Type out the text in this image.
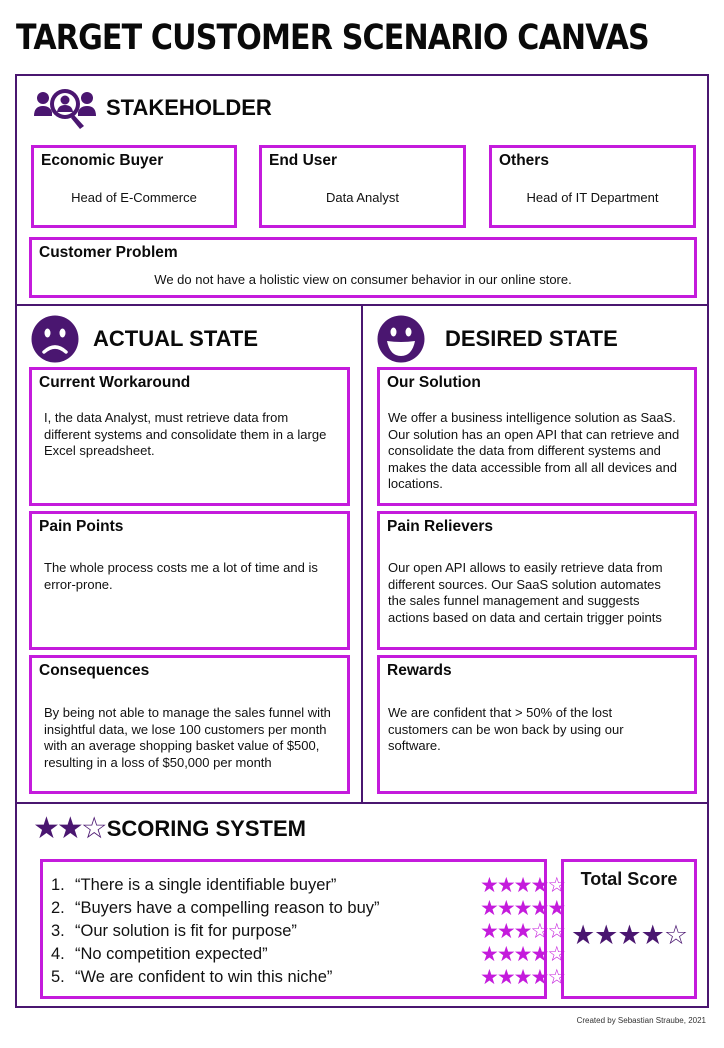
TARGET CUSTOMER SCENARIO CANVAS
STAKEHOLDER
Economic Buyer
Head of E-Commerce
End User
Data Analyst
Others
Head of IT Department
Customer Problem
We do not have a holistic view on consumer behavior in our online store.
ACTUAL STATE
Current Workaround
I, the data Analyst, must retrieve data from different systems and consolidate them in a large Excel spreadsheet.
Pain Points
The whole process costs me a lot of time and is error-prone.
Consequences
By being not able to manage the sales funnel with insightful data, we lose 100 customers per month with an average shopping basket value of $500, resulting in a loss of $50,000 per month
DESIRED STATE
Our Solution
We offer a business intelligence solution as SaaS. Our solution has an open API that can retrieve and consolidate the data from different systems and makes the data accessible from all all devices and locations.
Pain Relievers
Our open API allows to easily retrieve data from different sources. Our SaaS solution automates the sales funnel management and suggests actions based on data and certain trigger points
Rewards
We are confident that > 50% of the lost customers can be won back by using our software.
★★☆ SCORING SYSTEM
1. “There is a single identifiable buyer”	★★★★☆
2. “Buyers have a compelling reason to buy”	★★★★★
3. “Our solution is fit for purpose”	★★★☆☆
4. “No competition expected”	★★★★☆
5. “We are confident to win this niche”	★★★★☆
Total Score
★★★★☆
Created by Sebastian Straube, 2021
